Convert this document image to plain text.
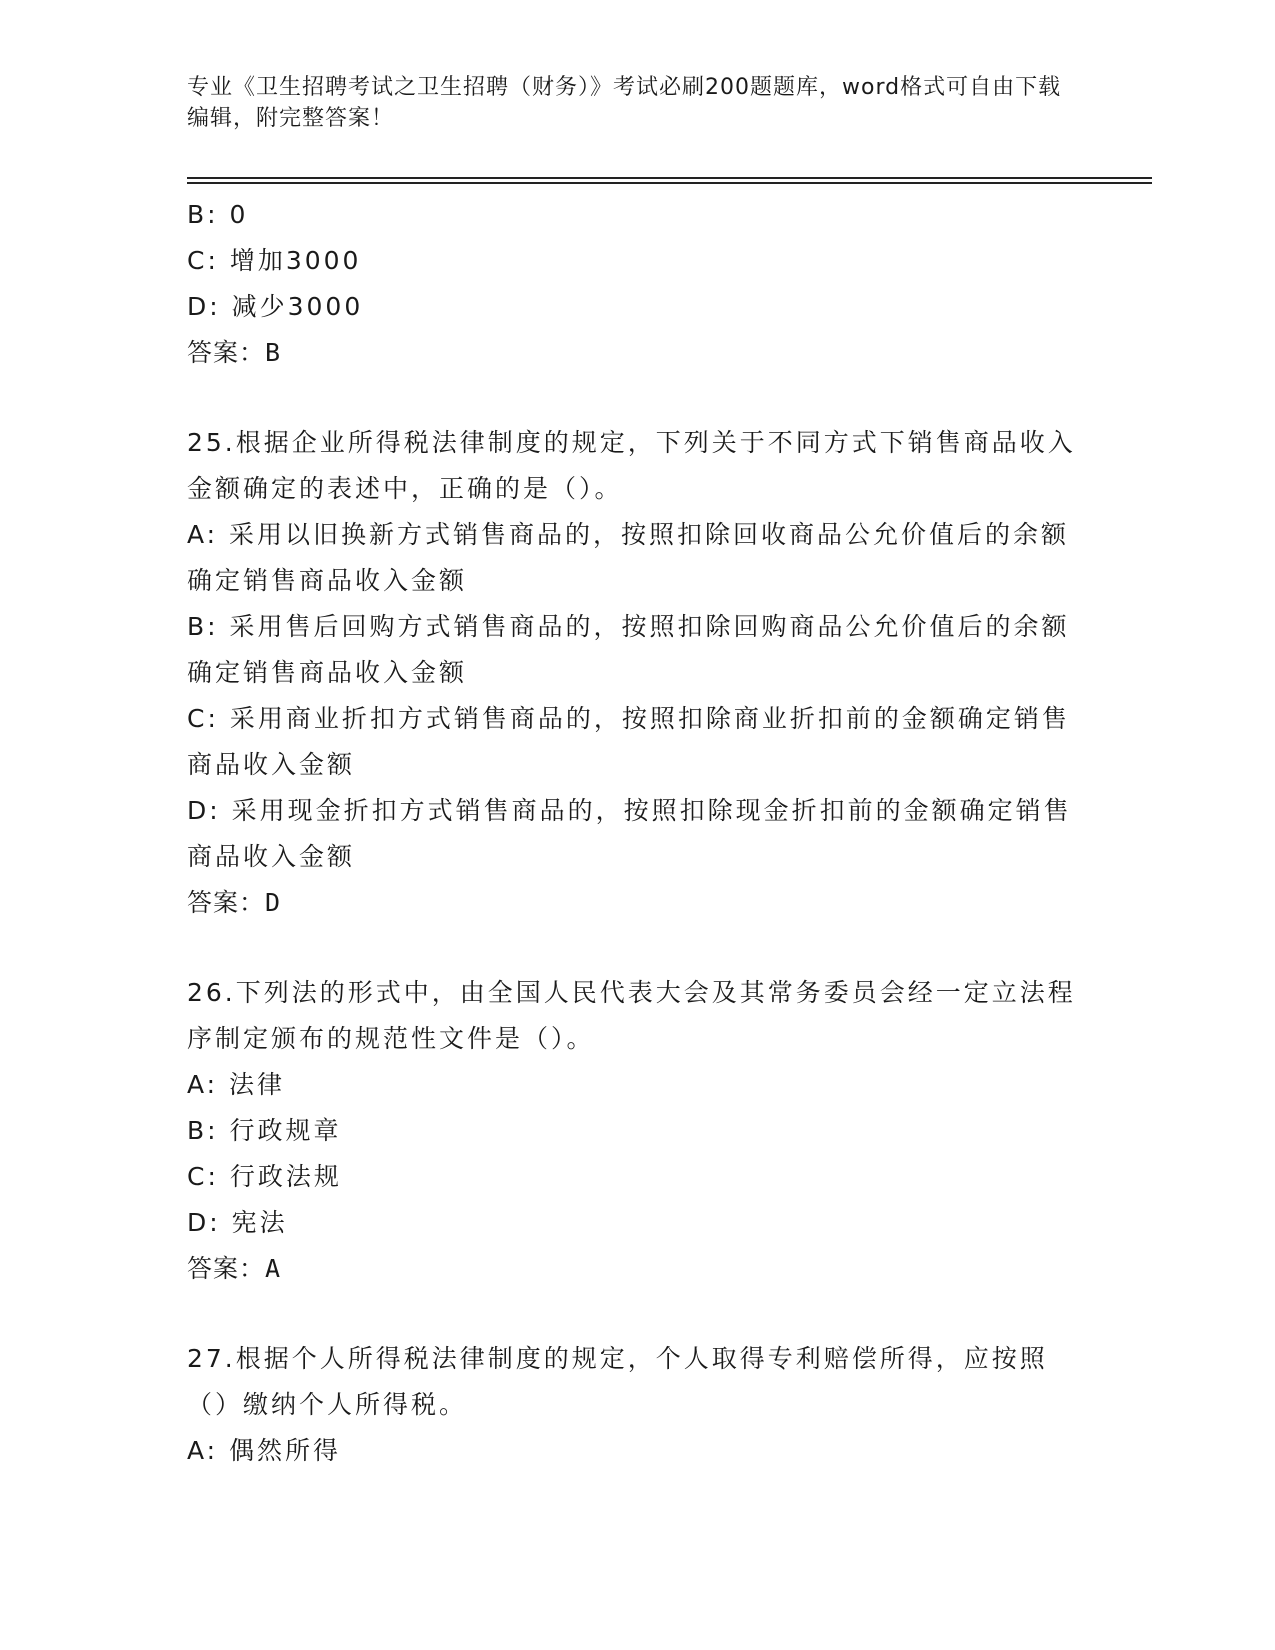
专业《卫生招聘考试之卫生招聘（财务）》考试必刷200题题库，word格式可自由下载编辑，附完整答案！
B: 0
C: 增加3000
D: 减少3000
答案：B
25.根据企业所得税法律制度的规定，下列关于不同方式下销售商品收入金额确定的表述中，正确的是（）。
A: 采用以旧换新方式销售商品的，按照扣除回收商品公允价值后的余额确定销售商品收入金额
B: 采用售后回购方式销售商品的，按照扣除回购商品公允价值后的余额确定销售商品收入金额
C: 采用商业折扣方式销售商品的，按照扣除商业折扣前的金额确定销售商品收入金额
D: 采用现金折扣方式销售商品的，按照扣除现金折扣前的金额确定销售商品收入金额
答案：D
26.下列法的形式中，由全国人民代表大会及其常务委员会经一定立法程序制定颁布的规范性文件是（）。
A: 法律
B: 行政规章
C: 行政法规
D: 宪法
答案：A
27.根据个人所得税法律制度的规定，个人取得专利赔偿所得，应按照（）缴纳个人所得税。
A: 偶然所得
